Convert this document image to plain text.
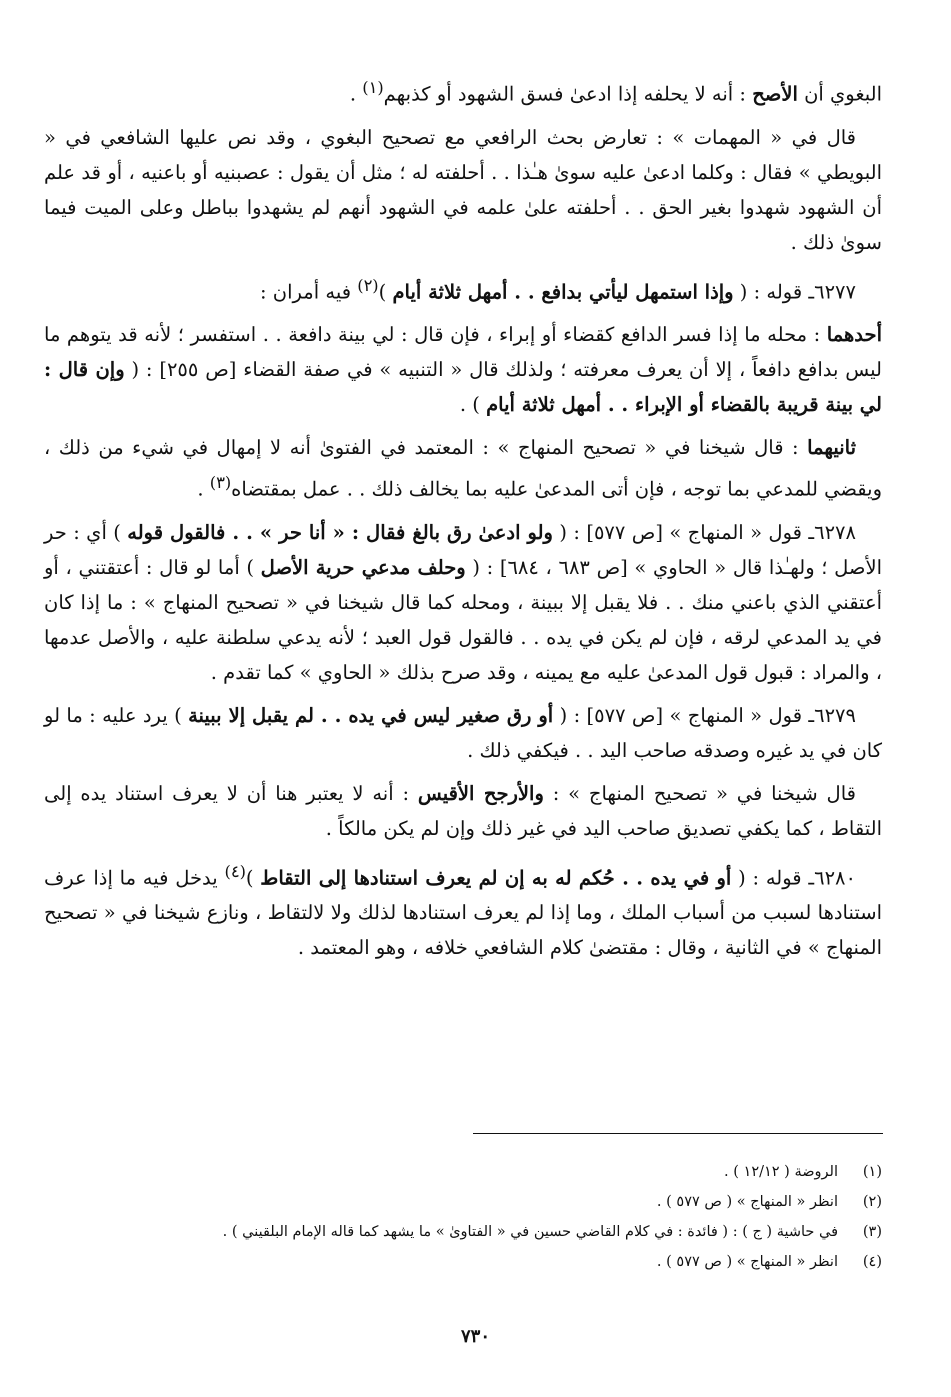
البغوي أن الأصح : أنه لا يحلفه إذا ادعىٰ فسق الشهود أو كذبهم$^{(١)}$ .

قال في « المهمات » : تعارض بحث الرافعي مع تصحيح البغوي ، وقد نص عليها الشافعي في « البويطي » فقال : وكلما ادعىٰ عليه سوىٰ هـٰذا . . أحلفته له ؛ مثل أن يقول : عصبنيه أو باعنيه ، أو قد علم أن الشهود شهدوا بغير الحق . . أحلفته علىٰ علمه في الشهود أنهم لم يشهدوا بباطل وعلى الميت فيما سوىٰ ذلك .

٦٢٧٧ـ قوله : ( وإذا استمهل ليأتي بدافع . . أمهل ثلاثة أيام )$^{(٢)}$ فيه أمران :

أحدهما : محله ما إذا فسر الدافع كقضاء أو إبراء ، فإن قال : لي بينة دافعة . . استفسر ؛ لأنه قد يتوهم ما ليس بدافع دافعاً ، إلا أن يعرف معرفته ؛ ولذلك قال « التنبيه » في صفة القضاء [ص ٢٥٥] : ( وإن قال : لي بينة قريبة بالقضاء أو الإبراء . . أمهل ثلاثة أيام ) .

ثانيهما : قال شيخنا في « تصحيح المنهاج » : المعتمد في الفتوىٰ أنه لا إمهال في شيء من ذلك ، ويقضي للمدعي بما توجه ، فإن أتى المدعىٰ عليه بما يخالف ذلك . . عمل بمقتضاه$^{(٣)}$ .

٦٢٧٨ـ قول « المنهاج » [ص ٥٧٧] : ( ولو ادعىٰ رق بالغ فقال : « أنا حر » . . فالقول قوله ) أي : حر الأصل ؛ ولهـٰذا قال « الحاوي » [ص ٦٨٣ ، ٦٨٤] : ( وحلف مدعي حرية الأصل ) أما لو قال : أعتقتني ، أو أعتقني الذي باعني منك . . فلا يقبل إلا ببينة ، ومحله كما قال شيخنا في « تصحيح المنهاج » : ما إذا كان في يد المدعي لرقه ، فإن لم يكن في يده . . فالقول قول العبد ؛ لأنه يدعي سلطنة عليه ، والأصل عدمها ، والمراد : قبول قول المدعىٰ عليه مع يمينه ، وقد صرح بذلك « الحاوي » كما تقدم .

٦٢٧٩ـ قول « المنهاج » [ص ٥٧٧] : ( أو رق صغير ليس في يده . . لم يقبل إلا ببينة ) يرد عليه : ما لو كان في يد غيره وصدقه صاحب اليد . . فيكفي ذلك .

قال شيخنا في « تصحيح المنهاج » : والأرجح الأقيس : أنه لا يعتبر هنا أن لا يعرف استناد يده إلى التقاط ، كما يكفي تصديق صاحب اليد في غير ذلك وإن لم يكن مالكاً .

٦٢٨٠ـ قوله : ( أو في يده . . حُكم له به إن لم يعرف استنادها إلى التقاط )$^{(٤)}$ يدخل فيه ما إذا عرف استنادها لسبب من أسباب الملك ، وما إذا لم يعرف استنادها لذلك ولا لالتقاط ، ونازع شيخنا في « تصحيح المنهاج » في الثانية ، وقال : مقتضىٰ كلام الشافعي خلافه ، وهو المعتمد .

(١)
الروضة ( ١٢/١٢ ) .
(٢)
انظر « المنهاج » ( ص ٥٧٧ ) .
(٣)
في حاشية ( ج ) : ( فائدة : في كلام القاضي حسين في « الفتاوىٰ » ما يشهد كما قاله الإمام البلقيني ) .
(٤)
انظر « المنهاج » ( ص ٥٧٧ ) .
٧٣٠
